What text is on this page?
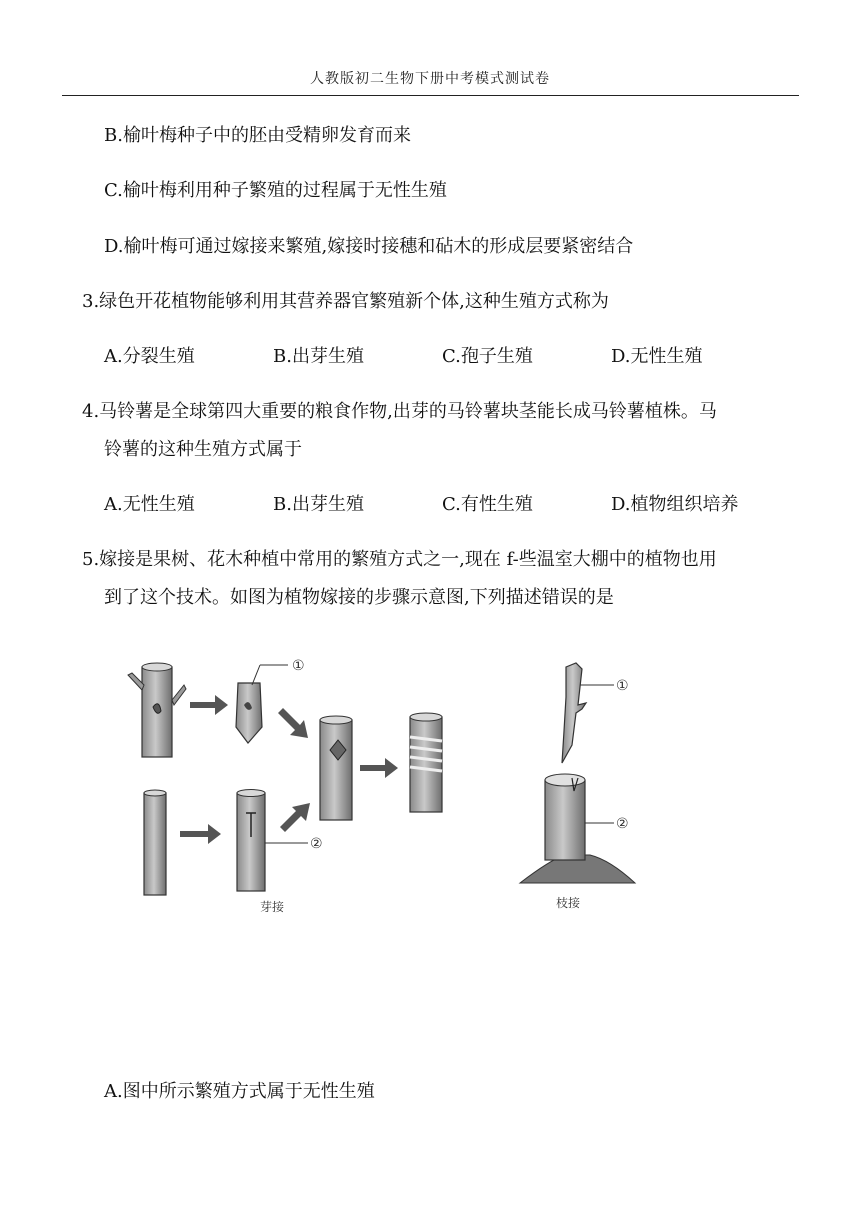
人教版初二生物下册中考模式测试卷
B.榆叶梅种子中的胚由受精卵发育而来
C.榆叶梅利用种子繁殖的过程属于无性生殖
D.榆叶梅可通过嫁接来繁殖,嫁接时接穗和砧木的形成层要紧密结合
3.绿色开花植物能够利用其营养器官繁殖新个体,这种生殖方式称为
A.分裂生殖	B.出芽生殖	C.孢子生殖	D.无性生殖
4.马铃薯是全球第四大重要的粮食作物,出芽的马铃薯块茎能长成马铃薯植株。马
铃薯的这种生殖方式属于
A.无性生殖	B.出芽生殖	C.有性生殖	D.植物组织培养
5.嫁接是果树、花木种植中常用的繁殖方式之一,现在 f-些温室大棚中的植物也用
到了这个技术。如图为植物嫁接的步骤示意图,下列描述错误的是
①
②
芽接
①
②
枝接
A.图中所示繁殖方式属于无性生殖
